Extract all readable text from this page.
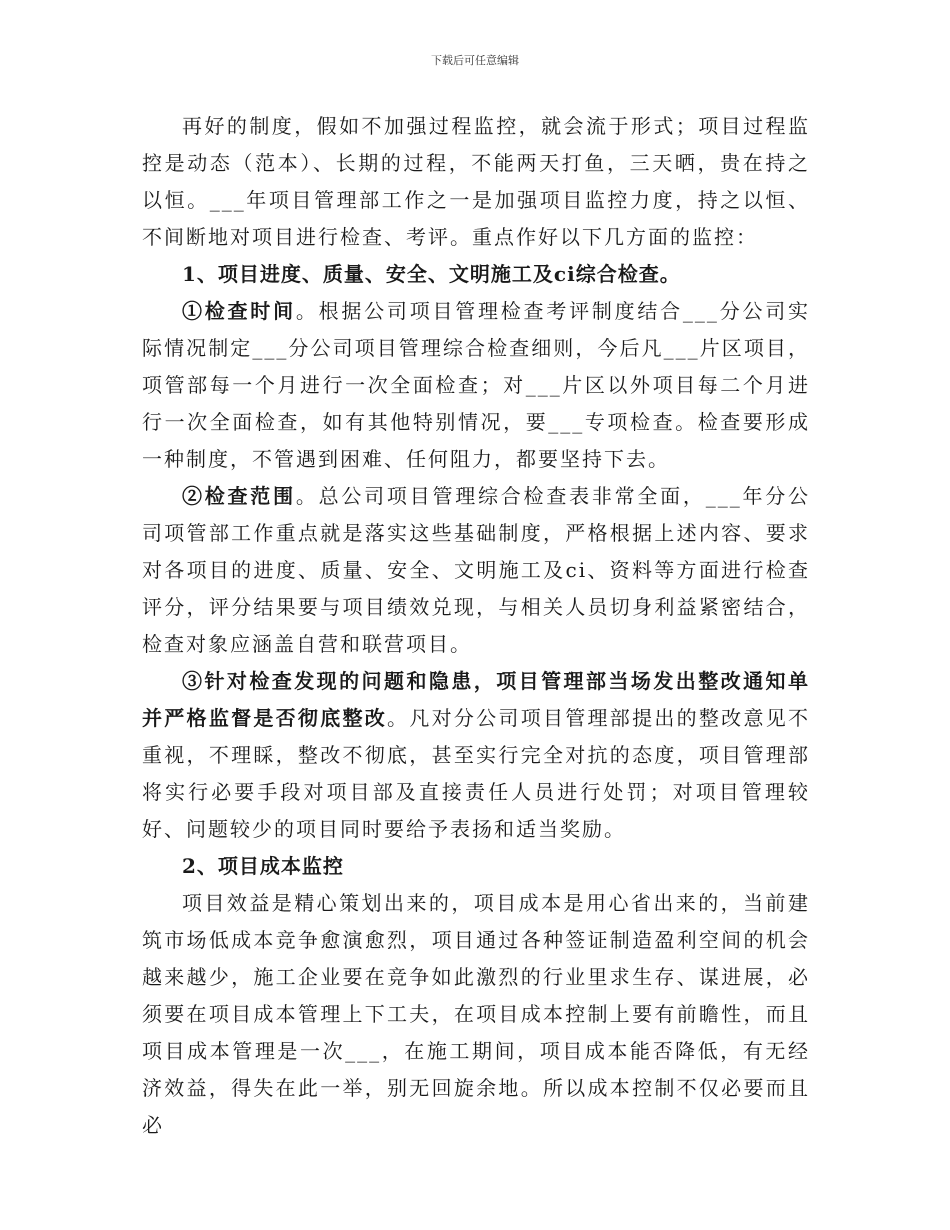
下载后可任意编辑

再好的制度，假如不加强过程监控，就会流于形式；项目过程监控是动态（范本）、长期的过程，不能两天打鱼，三天晒，贵在持之以恒。___年项目管理部工作之一是加强项目监控力度，持之以恒、不间断地对项目进行检查、考评。重点作好以下几方面的监控：

1、项目进度、质量、安全、文明施工及ci综合检查。

①检查时间。根据公司项目管理检查考评制度结合___分公司实际情况制定___分公司项目管理综合检查细则，今后凡___片区项目，项管部每一个月进行一次全面检查；对___片区以外项目每二个月进行一次全面检查，如有其他特别情况，要___专项检查。检查要形成一种制度，不管遇到困难、任何阻力，都要坚持下去。

②检查范围。总公司项目管理综合检查表非常全面，___年分公司项管部工作重点就是落实这些基础制度，严格根据上述内容、要求对各项目的进度、质量、安全、文明施工及ci、资料等方面进行检查评分，评分结果要与项目绩效兑现，与相关人员切身利益紧密结合，检查对象应涵盖自营和联营项目。

③针对检查发现的问题和隐患，项目管理部当场发出整改通知单并严格监督是否彻底整改。凡对分公司项目管理部提出的整改意见不重视，不理睬，整改不彻底，甚至实行完全对抗的态度，项目管理部将实行必要手段对项目部及直接责任人员进行处罚；对项目管理较好、问题较少的项目同时要给予表扬和适当奖励。

2、项目成本监控

项目效益是精心策划出来的，项目成本是用心省出来的，当前建筑市场低成本竞争愈演愈烈，项目通过各种签证制造盈利空间的机会越来越少，施工企业要在竞争如此激烈的行业里求生存、谋进展，必须要在项目成本管理上下工夫，在项目成本控制上要有前瞻性，而且项目成本管理是一次___，在施工期间，项目成本能否降低，有无经济效益，得失在此一举，别无回旋余地。所以成本控制不仅必要而且必
